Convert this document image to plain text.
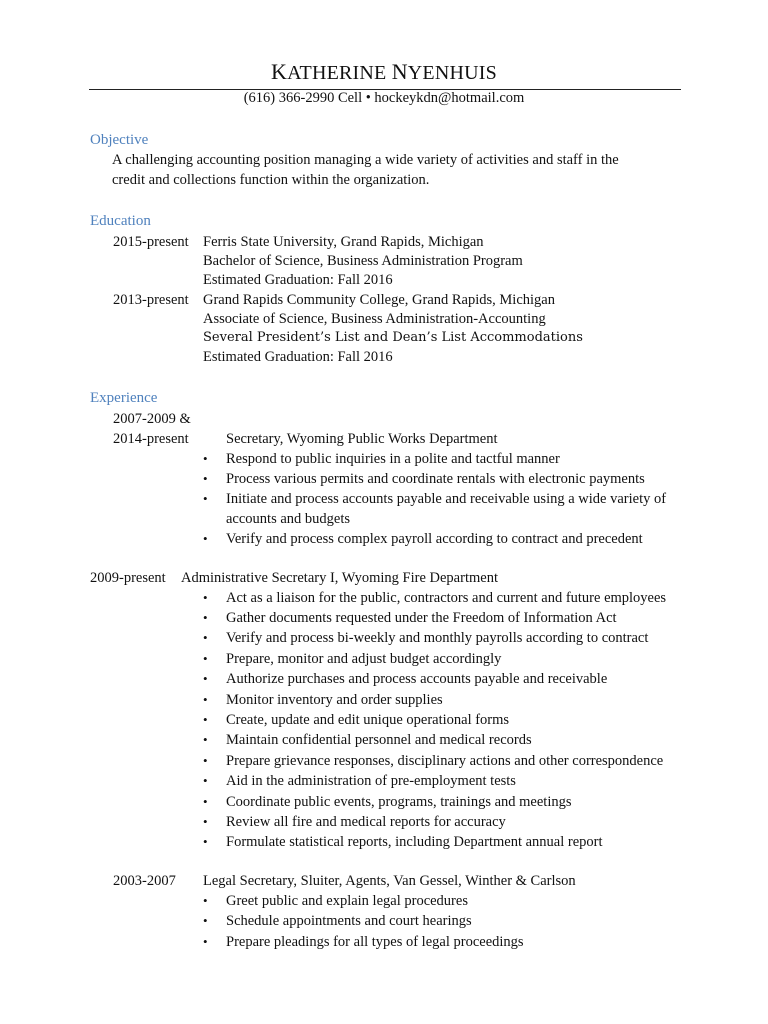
KATHERINE NYENHUIS
(616) 366-2990 Cell • hockeykdn@hotmail.com
Objective
A challenging accounting position managing a wide variety of activities and staff in the
credit and collections function within the organization.
Education
2015-present Ferris State University, Grand Rapids, Michigan
Bachelor of Science, Business Administration Program
Estimated Graduation: Fall 2016
2013-present Grand Rapids Community College, Grand Rapids, Michigan
Associate of Science, Business Administration-Accounting
Several President’s List and Dean’s List Accommodations
Estimated Graduation: Fall 2016
Experience
2007-2009 &
2014-present	Secretary, Wyoming Public Works Department
• Respond to public inquiries in a polite and tactful manner
• Process various permits and coordinate rentals with electronic payments
• Initiate and process accounts payable and receivable using a wide variety of
accounts and budgets
• Verify and process complex payroll according to contract and precedent
2009-present Administrative Secretary I, Wyoming Fire Department
• Act as a liaison for the public, contractors and current and future employees
• Gather documents requested under the Freedom of Information Act
• Verify and process bi-weekly and monthly payrolls according to contract
• Prepare, monitor and adjust budget accordingly
• Authorize purchases and process accounts payable and receivable
• Monitor inventory and order supplies
• Create, update and edit unique operational forms
• Maintain confidential personnel and medical records
• Prepare grievance responses, disciplinary actions and other correspondence
• Aid in the administration of pre-employment tests
• Coordinate public events, programs, trainings and meetings
• Review all fire and medical reports for accuracy
• Formulate statistical reports, including Department annual report
2003-2007 Legal Secretary, Sluiter, Agents, Van Gessel, Winther & Carlson
• Greet public and explain legal procedures
• Schedule appointments and court hearings
• Prepare pleadings for all types of legal proceedings
